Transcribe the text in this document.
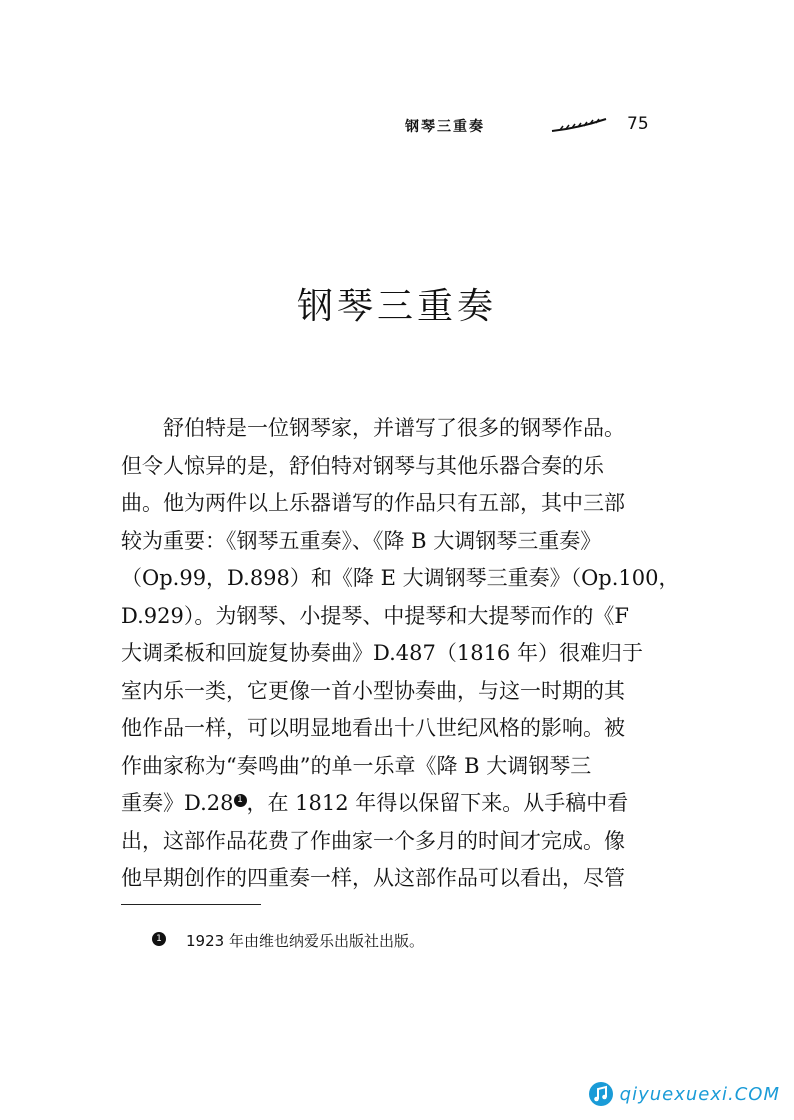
钢琴三重奏	75
钢琴三重奏

舒伯特是一位钢琴家，并谱写了很多的钢琴作品。

但令人惊异的是，舒伯特对钢琴与其他乐器合奏的乐

曲。他为两件以上乐器谱写的作品只有五部，其中三部

较为重要：《钢琴五重奏》、《降 B 大调钢琴三重奏》

（Op.99，D.898）和《降 E 大调钢琴三重奏》（Op.100，

D.929）。为钢琴、小提琴、中提琴和大提琴而作的《F

大调柔板和回旋复协奏曲》D.487（1816 年）很难归于

室内乐一类，它更像一首小型协奏曲，与这一时期的其

他作品一样，可以明显地看出十八世纪风格的影响。被

作曲家称为“奏鸣曲”的单一乐章《降 B 大调钢琴三

重奏》D.28 1 ，在 1812 年得以保留下来。从手稿中看

出，这部作品花费了作曲家一个多月的时间才完成。像

他早期创作的四重奏一样，从这部作品可以看出，尽管

1 1923 年由维也纳爱乐出版社出版。
qiyuexuexi.COM
